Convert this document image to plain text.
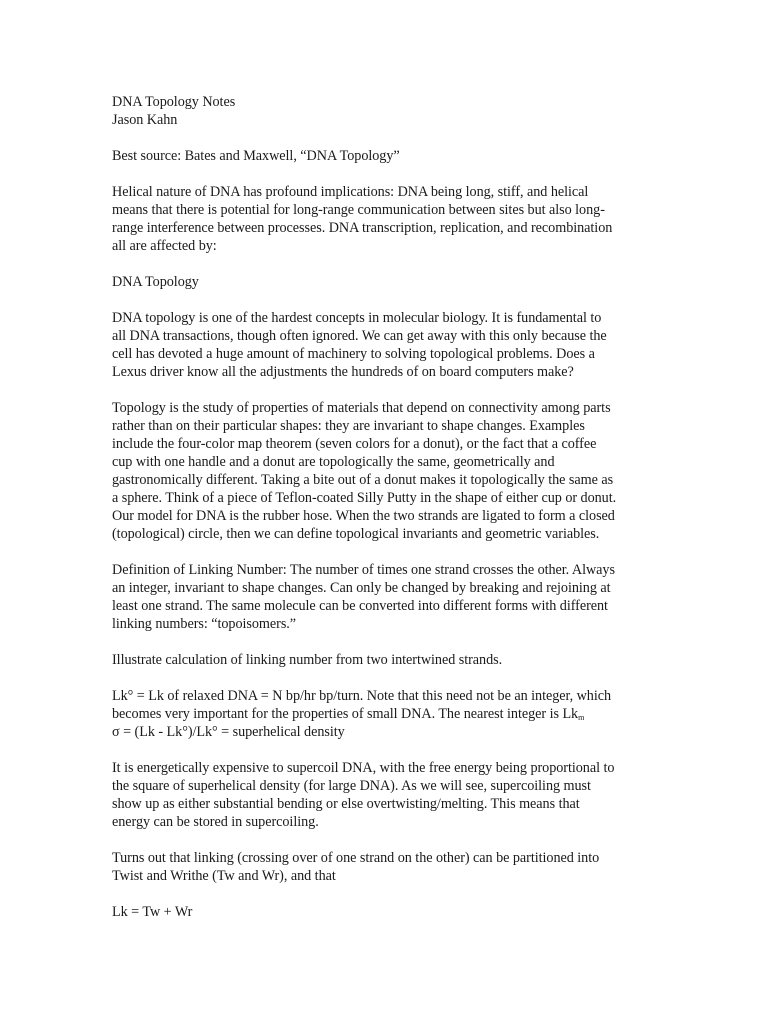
DNA Topology Notes
Jason Kahn
Best source: Bates and Maxwell, “DNA Topology”
Helical nature of DNA has profound implications: DNA being long, stiff, and helical
means that there is potential for long-range communication between sites but also long-
range interference between processes. DNA transcription, replication, and recombination
all are affected by:
DNA Topology
DNA topology is one of the hardest concepts in molecular biology. It is fundamental to
all DNA transactions, though often ignored. We can get away with this only because the
cell has devoted a huge amount of machinery to solving topological problems. Does a
Lexus driver know all the adjustments the hundreds of on board computers make?
Topology is the study of properties of materials that depend on connectivity among parts
rather than on their particular shapes: they are invariant to shape changes. Examples
include the four-color map theorem (seven colors for a donut), or the fact that a coffee
cup with one handle and a donut are topologically the same, geometrically and
gastronomically different. Taking a bite out of a donut makes it topologically the same as
a sphere. Think of a piece of Teflon-coated Silly Putty in the shape of either cup or donut.
Our model for DNA is the rubber hose. When the two strands are ligated to form a closed
(topological) circle, then we can define topological invariants and geometric variables.
Definition of Linking Number: The number of times one strand crosses the other. Always
an integer, invariant to shape changes. Can only be changed by breaking and rejoining at
least one strand. The same molecule can be converted into different forms with different
linking numbers: “topoisomers.”
Illustrate calculation of linking number from two intertwined strands.
Lk° = Lk of relaxed DNA = N bp/hr bp/turn. Note that this need not be an integer, which
becomes very important for the properties of small DNA. The nearest integer is $Lk_m$
σ = (Lk - Lk°)/Lk° = superhelical density
It is energetically expensive to supercoil DNA, with the free energy being proportional to
the square of superhelical density (for large DNA). As we will see, supercoiling must
show up as either substantial bending or else overtwisting/melting. This means that
energy can be stored in supercoiling.
Turns out that linking (crossing over of one strand on the other) can be partitioned into
Twist and Writhe (Tw and Wr), and that
Lk = Tw + Wr
